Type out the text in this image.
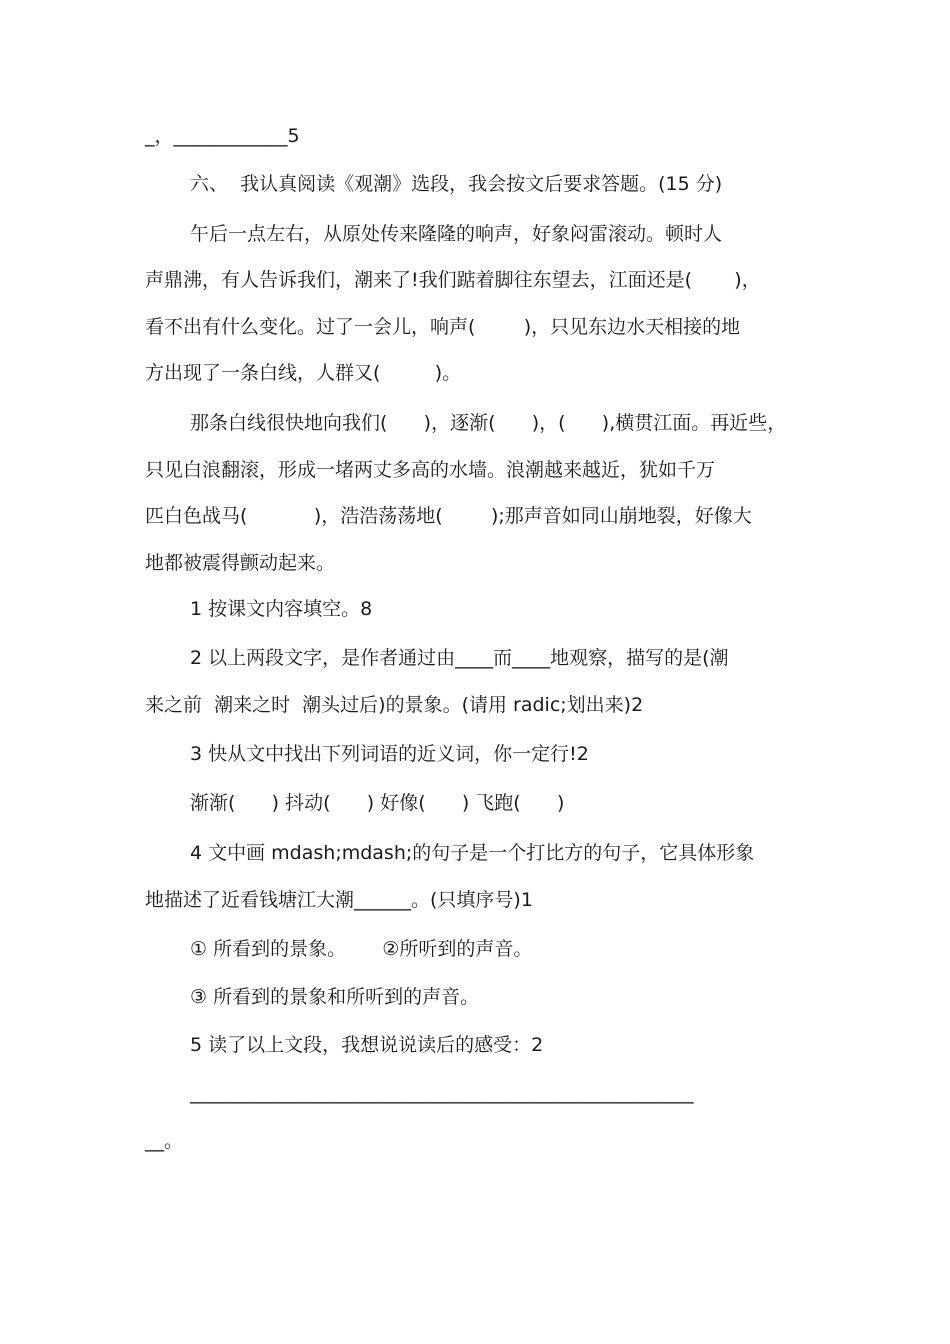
_，____________5
六、  我认真阅读《观潮》选段，我会按文后要求答题。(15 分)
午后一点左右，从原处传来隆隆的响声，好象闷雷滚动。顿时人
声鼎沸，有人告诉我们，潮来了!我们踮着脚往东望去，江面还是(       )，
看不出有什么变化。过了一会儿，响声(        )，只见东边水天相接的地
方出现了一条白线，人群又(         )。
那条白线很快地向我们(      )，逐渐(      )，(      ),横贯江面。再近些，
只见白浪翻滚，形成一堵两丈多高的水墙。浪潮越来越近，犹如千万
匹白色战马(           )，浩浩荡荡地(        );那声音如同山崩地裂，好像大
地都被震得颤动起来。
1 按课文内容填空。8
2 以上两段文字，是作者通过由____而____地观察，描写的是(潮
来之前  潮来之时  潮头过后)的景象。(请用 radic;划出来)2
3 快从文中找出下列词语的近义词，你一定行!2
渐渐(      ) 抖动(      ) 好像(      ) 飞跑(      )
4 文中画 mdash;mdash;的句子是一个打比方的句子，它具体形象
地描述了近看钱塘江大潮______。(只填序号)1
① 所看到的景象。      ②所听到的声音。
③ 所看到的景象和所听到的声音。
5 读了以上文段，我想说说读后的感受：2
_____________________________________________________
__。
